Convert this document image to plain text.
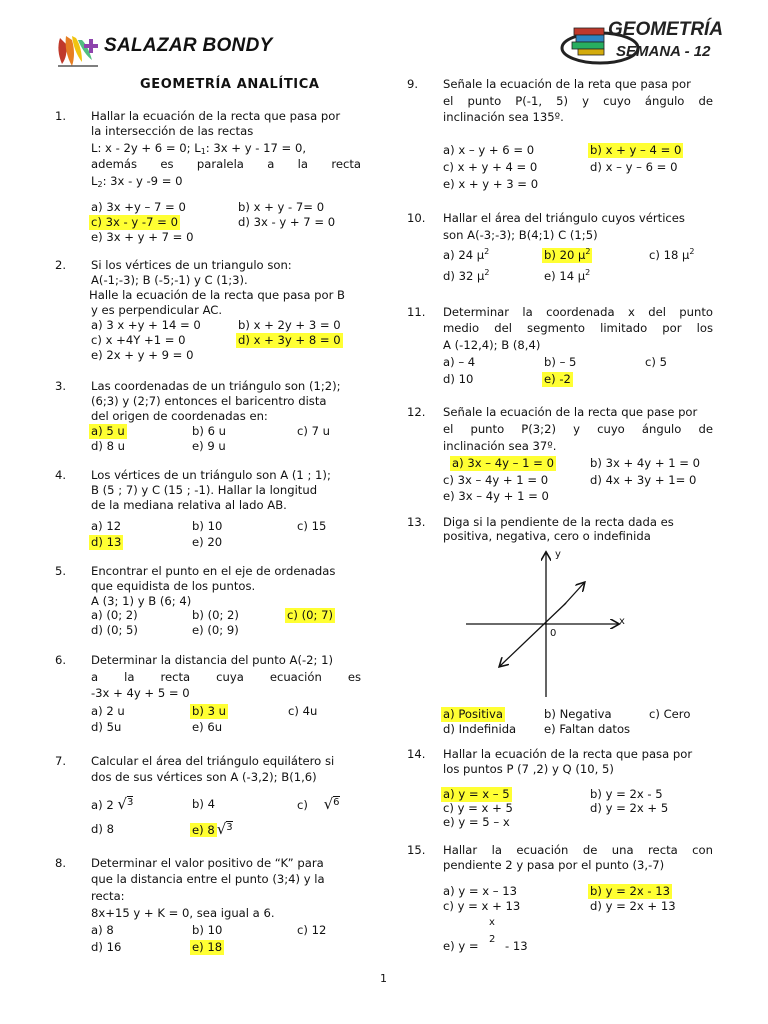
SALAZAR BONDY
GEOMETRÍA
SEMANA - 12
GEOMETRÍA ANALÍTICA
1. Hallar la ecuación de la recta que pasa por
la intersección de las rectas
L: x - 2y + 6 = 0; $L_1$: 3x + y - 17 = 0,
además es paralela a la recta
$L_2$: 3x - y -9 = 0
a) 3x +y – 7 = 0	b) x + y - 7= 0
c) 3x - y -7 = 0	d) 3x - y + 7 = 0
e) 3x + y + 7 = 0
2. Si los vértices de un triangulo son:
A(-1;-3); B (-5;-1) y C (1;3).
Halle la ecuación de la recta que pasa por B
y es perpendicular AC.
a) 3 x +y + 14 = 0	b) x + 2y + 3 = 0
c) x +4Y +1 = 0	d) x + 3y + 8 = 0
e) 2x + y + 9 = 0
3. Las coordenadas de un triángulo son (1;2);
(6;3) y (2;7) entonces el baricentro dista
del origen de coordenadas en:
a) 5 u	b) 6 u	c) 7 u
d) 8 u	e) 9 u
4. Los vértices de un triángulo son A (1 ; 1);
B (5 ; 7) y C (15 ; -1). Hallar la longitud
de la mediana relativa al lado AB.
a) 12	b) 10	c) 15
d) 13	e) 20
5. Encontrar el punto en el eje de ordenadas
que equidista de los puntos.
A (3; 1) y B (6; 4)
a) (0; 2)	b) (0; 2)	c) (0; 7)
d) (0; 5)	e) (0; 9)
6. Determinar la distancia del punto A(-2; 1)
a la recta cuya ecuación es
-3x + 4y + 5 = 0
a) 2 u	b) 3 u	c) 4u
d) 5u	e) 6u
7. Calcular el área del triángulo equilátero si
dos de sus vértices son A (-3,2); B(1,6)
a) 2 √3	b) 4	c) √6
d) 8	e) 8 √3
8. Determinar el valor positivo de “K” para
que la distancia entre el punto (3;4) y la
recta:
8x+15 y + K = 0, sea igual a 6.
a) 8	b) 10	c) 12
d) 16	e) 18
9. Señale la ecuación de la reta que pasa por
el punto P(-1, 5) y cuyo ángulo de
inclinación sea 135º.
a) x – y + 6 = 0	b) x + y – 4 = 0
c) x + y + 4 = 0	d) x – y – 6 = 0
e) x + y + 3 = 0
10. Hallar el área del triángulo cuyos vértices
son A(-3;-3); B(4;1) C (1;5)
a) 24 $\mu^2$	b) 20 $\mu^2$	c) 18 $\mu^2$
d) 32 $\mu^2$	e) 14 $\mu^2$
11. Determinar la coordenada x del punto
medio del segmento limitado por los
A (-12,4); B (8,4)
a) – 4	b) – 5	c) 5
d) 10	e) -2
12. Señale la ecuación de la recta que pase por
el punto P(3;2) y cuyo ángulo de
inclinación sea 37º.
a) 3x – 4y – 1 = 0	b) 3x + 4y + 1 = 0
c) 3x – 4y + 1 = 0	d) 4x + 3y + 1= 0
e) 3x – 4y + 1 = 0
13. Diga si la pendiente de la recta dada es
positiva, negativa, cero o indefinida
y
x
0
a) Positiva	b) Negativa	c) Cero
d) Indefinida e) Faltan datos
14. Hallar la ecuación de la recta que pasa por
los puntos P (7 ,2) y Q (10, 5)
a) y = x – 5	b) y = 2x - 5
c) y = x + 5	d) y = 2x + 5
e) y = 5 – x
15. Hallar la ecuación de una recta con
pendiente 2 y pasa por el punto (3,-7)
a) y = x – 13	b) y = 2x - 13
c) y = x + 13	d) y = 2x + 13
e) y =
x
2 - 13
1
